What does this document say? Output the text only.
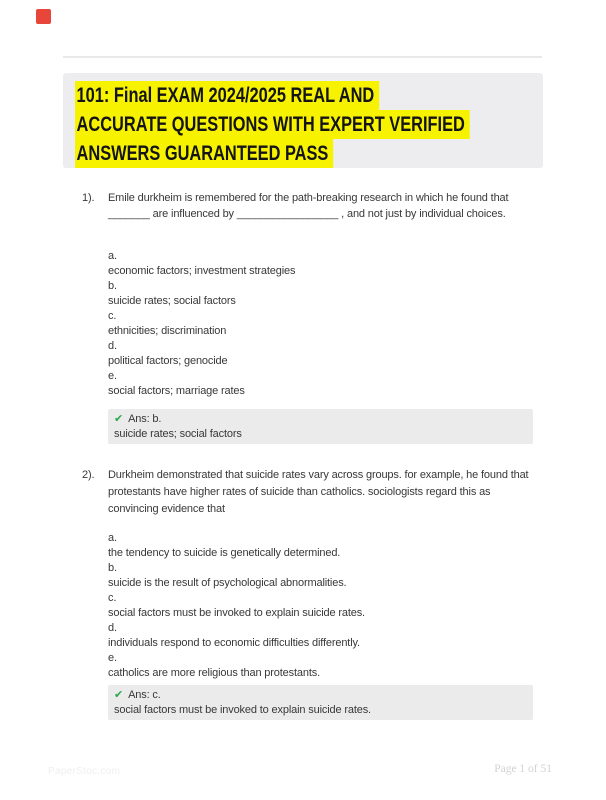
101: Final EXAM 2024/2025 REAL AND
ACCURATE QUESTIONS WITH EXPERT VERIFIED
ANSWERS GUARANTEED PASS
1).	Emile durkheim is remembered for the path-breaking research in which he found that
_______ are influenced by _________________ , and not just by individual choices.
a.
economic factors; investment strategies
b.
suicide rates; social factors
c.
ethnicities; discrimination
d.
political factors; genocide
e.
social factors; marriage rates
✔ Ans: b.
suicide rates; social factors
2).	Durkheim demonstrated that suicide rates vary across groups. for example, he found that
protestants have higher rates of suicide than catholics. sociologists regard this as
convincing evidence that
a.
the tendency to suicide is genetically determined.
b.
suicide is the result of psychological abnormalities.
c.
social factors must be invoked to explain suicide rates.
d.
individuals respond to economic difficulties differently.
e.
catholics are more religious than protestants.
✔ Ans: c.
social factors must be invoked to explain suicide rates.
PaperStoc.com	Page 1 of 51
